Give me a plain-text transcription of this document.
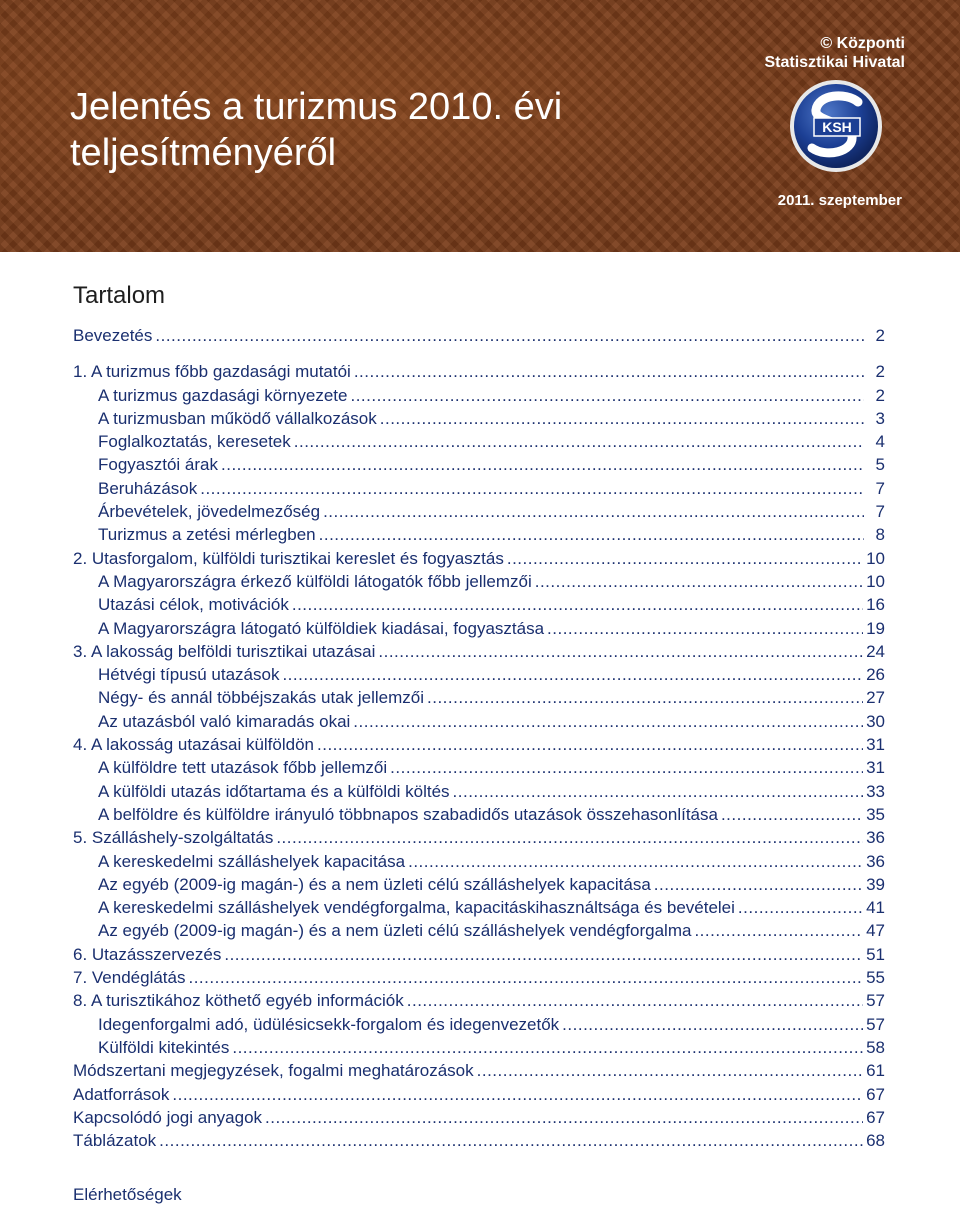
Jelentés a turizmus 2010. évi
teljesítményéről
© Központi
Statisztikai Hivatal
KSH
2011. szeptember
Tartalom
Bevezetés .....	2
1. A turizmus főbb gazdasági mutatói .....	2
A turizmus gazdasági környezete .....	2
A turizmusban működő vállalkozások .....	3
Foglalkoztatás, keresetek .....	4
Fogyasztói árak .....	5
Beruházások .....	7
Árbevételek, jövedelmezőség .....	7
Turizmus a zetési mérlegben .....	8
2. Utasforgalom, külföldi turisztikai kereslet és fogyasztás .....	10
A Magyarországra érkező külföldi látogatók főbb jellemzői .....	10
Utazási célok, motivációk .....	16
A Magyarországra látogató külföldiek kiadásai, fogyasztása .....	19
3. A lakosság belföldi turisztikai utazásai .....	24
Hétvégi típusú utazások .....	26
Négy- és annál többéjszakás utak jellemzői .....	27
Az utazásból való kimaradás okai .....	30
4. A lakosság utazásai külföldön .....	31
A külföldre tett utazások főbb jellemzői .....	31
A külföldi utazás időtartama és a külföldi költés .....	33
A belföldre és külföldre irányuló többnapos szabadidős utazások összehasonlítása .....	35
5. Szálláshely-szolgáltatás .....	36
A kereskedelmi szálláshelyek kapacitása .....	36
Az egyéb (2009-ig magán-) és a nem üzleti célú szálláshelyek kapacitása .....	39
A kereskedelmi szálláshelyek vendégforgalma, kapacitáskihasználtsága és bevételei .....	41
Az egyéb (2009-ig magán-) és a nem üzleti célú szálláshelyek vendégforgalma .....	47
6. Utazásszervezés .....	51
7. Vendéglátás .....	55
8. A turisztikához köthető egyéb információk .....	57
Idegenforgalmi adó, üdülésicsekk-forgalom és idegenvezetők .....	57
Külföldi kitekintés .....	58
Módszertani megjegyzések, fogalmi meghatározások .....	61
Adatforrások .....	67
Kapcsolódó jogi anyagok .....	67
Táblázatok .....	68
Elérhetőségek
